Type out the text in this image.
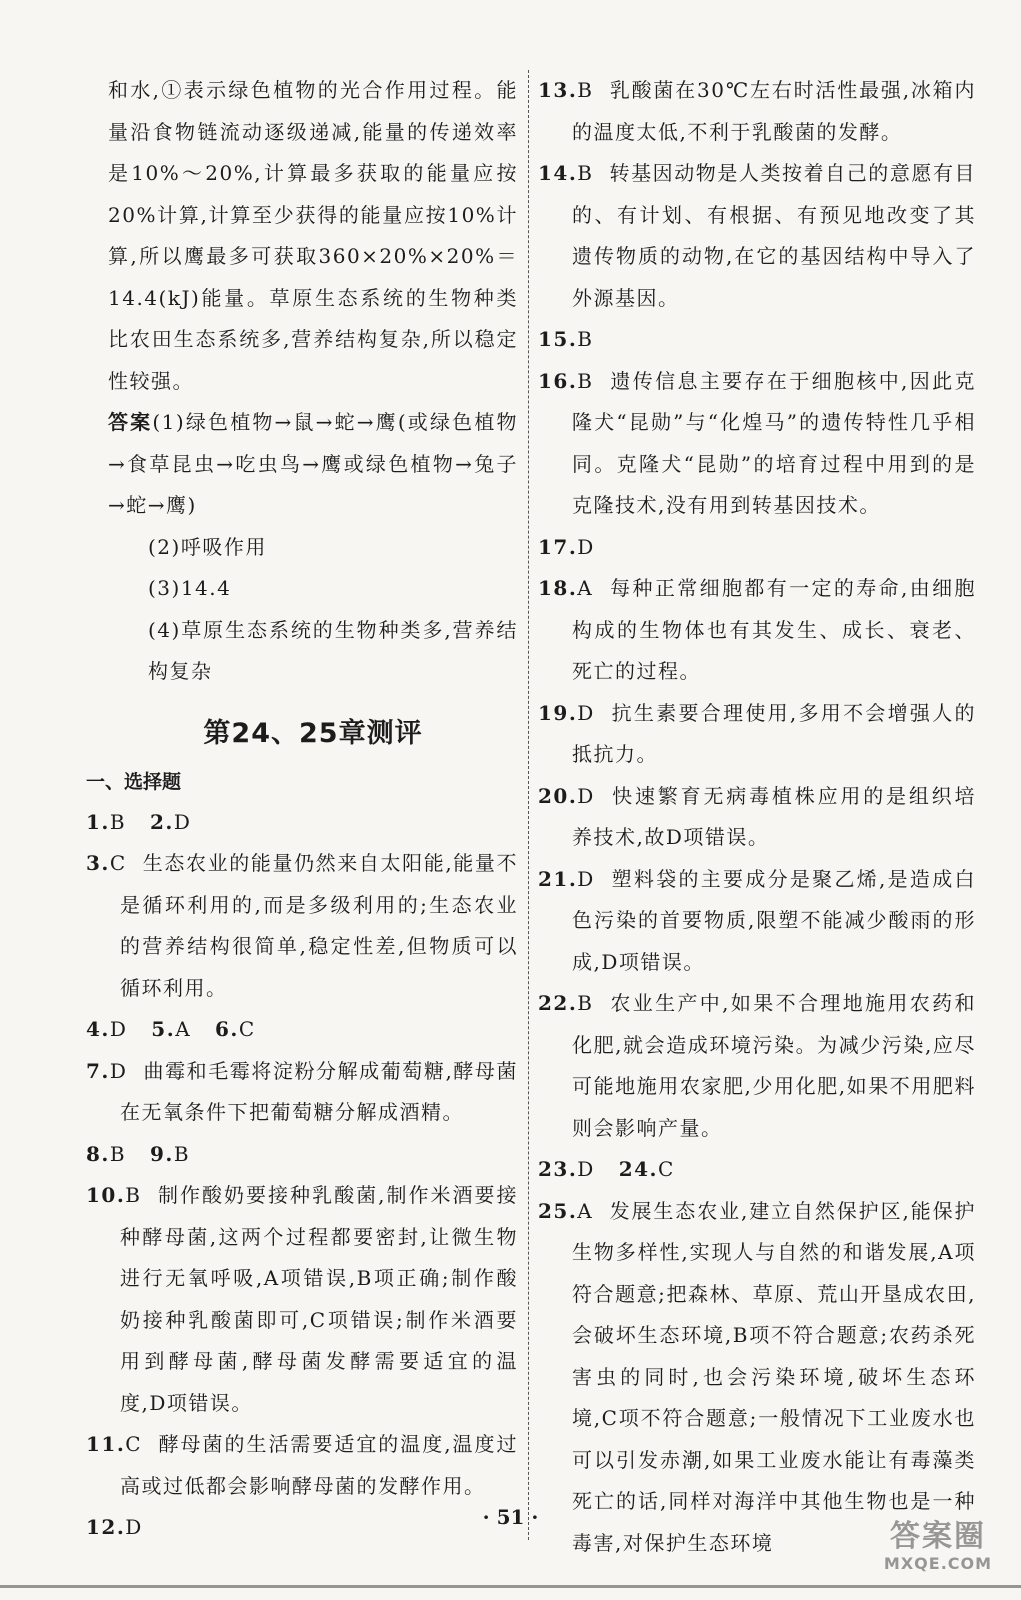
和水,①表示绿色植物的光合作用过程。能量沿食物链流动逐级递减,能量的传递效率是10%～20%,计算最多获取的能量应按20%计算,计算至少获得的能量应按10%计算,所以鹰最多可获取360×20%×20%＝14.4(kJ)能量。草原生态系统的生物种类比农田生态系统多,营养结构复杂,所以稳定性较强。

答案(1)绿色植物→鼠→蛇→鹰(或绿色植物→食草昆虫→吃虫鸟→鹰或绿色植物→兔子→蛇→鹰)

(2)呼吸作用

(3)14.4

(4)草原生态系统的生物种类多,营养结构复杂

第24、25章测评
一、选择题

1.B 2.D

3.C 生态农业的能量仍然来自太阳能,能量不是循环利用的,而是多级利用的;生态农业的营养结构很简单,稳定性差,但物质可以循环利用。

4.D 5.A 6.C

7.D 曲霉和毛霉将淀粉分解成葡萄糖,酵母菌在无氧条件下把葡萄糖分解成酒精。

8.B 9.B

10.B 制作酸奶要接种乳酸菌,制作米酒要接种酵母菌,这两个过程都要密封,让微生物进行无氧呼吸,A项错误,B项正确;制作酸奶接种乳酸菌即可,C项错误;制作米酒要用到酵母菌,酵母菌发酵需要适宜的温度,D项错误。

11.C 酵母菌的生活需要适宜的温度,温度过高或过低都会影响酵母菌的发酵作用。

12.D

13.B 乳酸菌在30℃左右时活性最强,冰箱内的温度太低,不利于乳酸菌的发酵。

14.B 转基因动物是人类按着自己的意愿有目的、有计划、有根据、有预见地改变了其遗传物质的动物,在它的基因结构中导入了外源基因。

15.B

16.B 遗传信息主要存在于细胞核中,因此克隆犬“昆勋”与“化煌马”的遗传特性几乎相同。克隆犬“昆勋”的培育过程中用到的是克隆技术,没有用到转基因技术。

17.D

18.A 每种正常细胞都有一定的寿命,由细胞构成的生物体也有其发生、成长、衰老、死亡的过程。

19.D 抗生素要合理使用,多用不会增强人的抵抗力。

20.D 快速繁育无病毒植株应用的是组织培养技术,故D项错误。

21.D 塑料袋的主要成分是聚乙烯,是造成白色污染的首要物质,限塑不能减少酸雨的形成,D项错误。

22.B 农业生产中,如果不合理地施用农药和化肥,就会造成环境污染。为减少污染,应尽可能地施用农家肥,少用化肥,如果不用肥料则会影响产量。

23.D 24.C

25.A 发展生态农业,建立自然保护区,能保护生物多样性,实现人与自然的和谐发展,A项符合题意;把森林、草原、荒山开垦成农田,会破坏生态环境,B项不符合题意;农药杀死害虫的同时,也会污染环境,破坏生态环境,C项不符合题意;一般情况下工业废水也可以引发赤潮,如果工业废水能让有毒藻类死亡的话,同样对海洋中其他生物也是一种毒害,对保护生态环境

· 51 ·
答案圈
MXQE.COM
